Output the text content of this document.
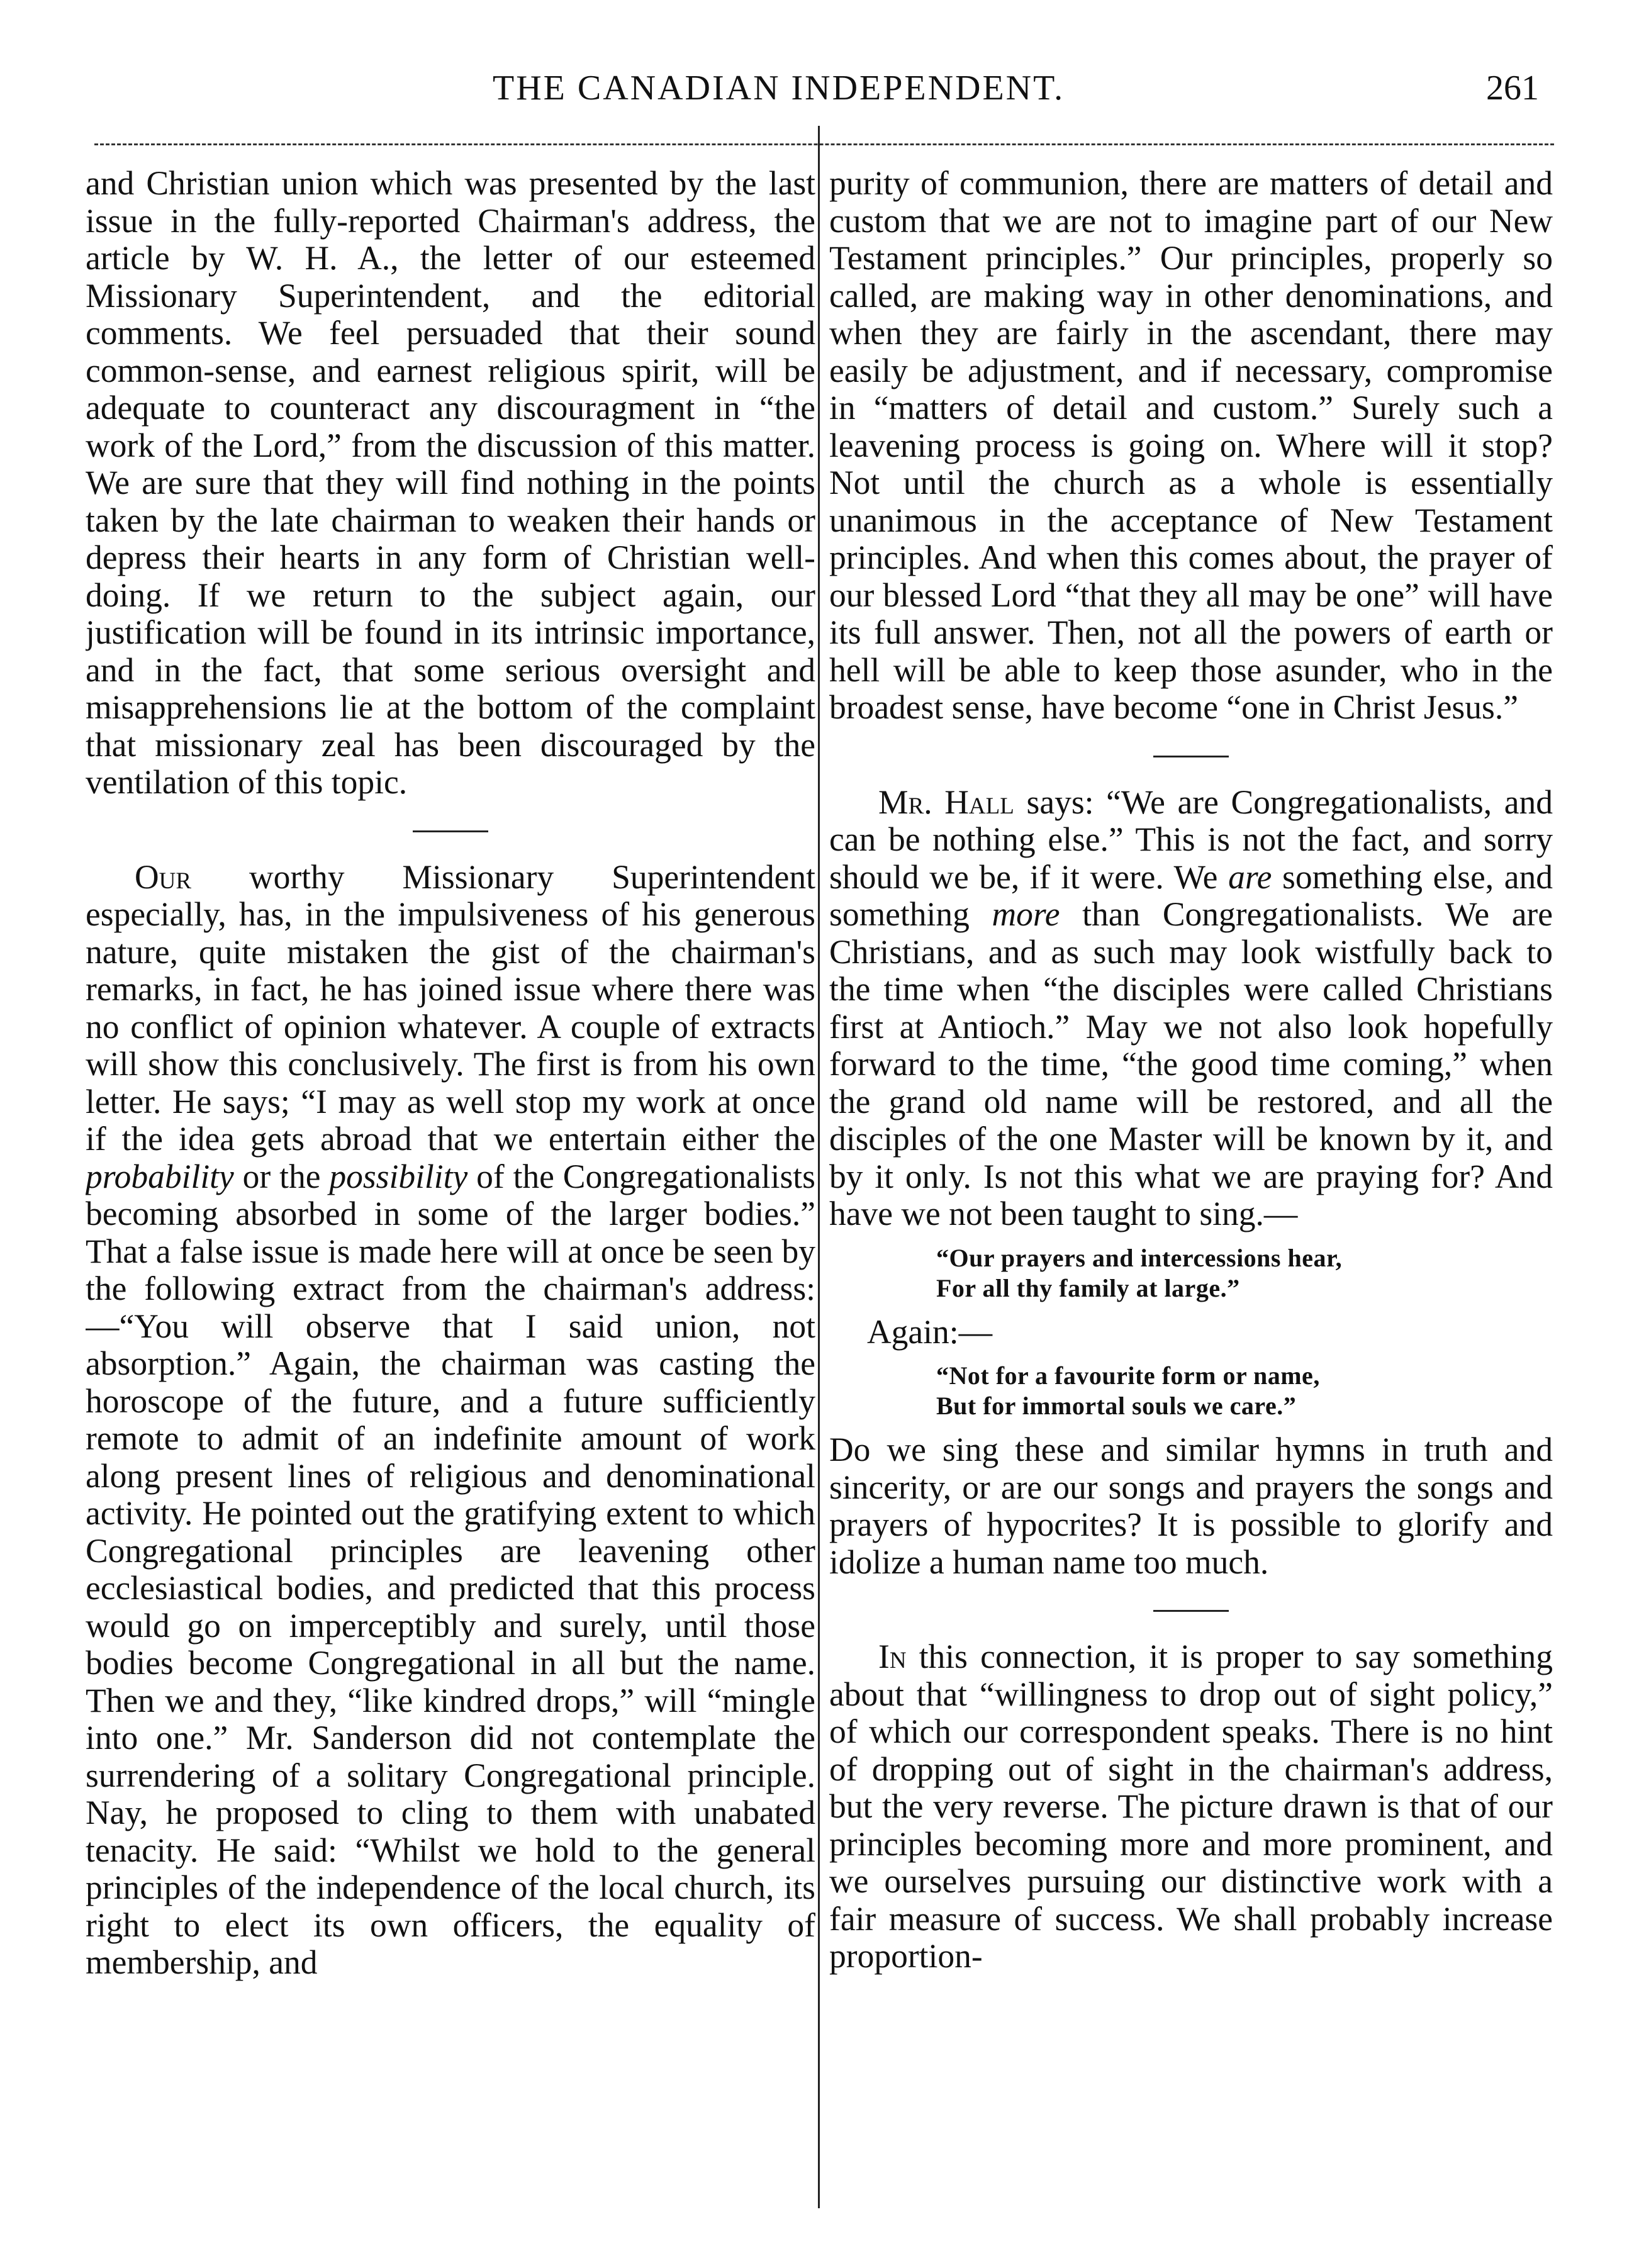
THE CANADIAN INDEPENDENT.	261

and Christian union which was presented by the last issue in the fully-reported Chairman's address, the article by W. H. A., the letter of our esteemed Missionary Superintendent, and the editorial comments. We feel persuaded that their sound common-sense, and earnest religious spirit, will be adequate to counteract any discouragment in “the work of the Lord,” from the discussion of this matter. We are sure that they will find nothing in the points taken by the late chairman to weaken their hands or depress their hearts in any form of Christian well-doing. If we return to the subject again, our justification will be found in its intrinsic importance, and in the fact, that some serious oversight and misapprehensions lie at the bottom of the complaint that missionary zeal has been discouraged by the ventilation of this topic.

Our worthy Missionary Superintendent especially, has, in the impulsiveness of his generous nature, quite mistaken the gist of the chairman's remarks, in fact, he has joined issue where there was no conflict of opinion whatever. A couple of extracts will show this conclusively. The first is from his own letter. He says; “I may as well stop my work at once if the idea gets abroad that we entertain either the probability or the possibility of the Congregationalists becoming absorbed in some of the larger bodies.” That a false issue is made here will at once be seen by the following extract from the chairman's address:—“You will observe that I said union, not absorption.” Again, the chairman was casting the horoscope of the future, and a future sufficiently remote to admit of an indefinite amount of work along present lines of religious and denominational activity. He pointed out the gratifying extent to which Congregational principles are leavening other ecclesiastical bodies, and predicted that this process would go on imperceptibly and surely, until those bodies become Congregational in all but the name. Then we and they, “like kindred drops,” will “mingle into one.” Mr. Sanderson did not contemplate the surrendering of a solitary Congregational principle. Nay, he proposed to cling to them with unabated tenacity. He said: “Whilst we hold to the general principles of the independence of the local church, its right to elect its own officers, the equality of membership, and

purity of communion, there are matters of detail and custom that we are not to imagine part of our New Testament principles.” Our principles, properly so called, are making way in other denominations, and when they are fairly in the ascendant, there may easily be adjustment, and if necessary, compromise in “matters of detail and custom.” Surely such a leavening process is going on. Where will it stop? Not until the church as a whole is essentially unanimous in the acceptance of New Testament principles. And when this comes about, the prayer of our blessed Lord “that they all may be one” will have its full answer. Then, not all the powers of earth or hell will be able to keep those asunder, who in the broadest sense, have become “one in Christ Jesus.”

Mr. Hall says: “We are Congregationalists, and can be nothing else.” This is not the fact, and sorry should we be, if it were. We are something else, and something more than Congregationalists. We are Christians, and as such may look wistfully back to the time when “the disciples were called Christians first at Antioch.” May we not also look hopefully forward to the time, “the good time coming,” when the grand old name will be restored, and all the disciples of the one Master will be known by it, and by it only. Is not this what we are praying for? And have we not been taught to sing.—

“Our prayers and intercessions hear,
For all thy family at large.”

Again:—

“Not for a favourite form or name,
But for immortal souls we care.”

Do we sing these and similar hymns in truth and sincerity, or are our songs and prayers the songs and prayers of hypocrites? It is possible to glorify and idolize a human name too much.

In this connection, it is proper to say something about that “willingness to drop out of sight policy,” of which our correspondent speaks. There is no hint of dropping out of sight in the chairman's address, but the very reverse. The picture drawn is that of our principles becoming more and more prominent, and we ourselves pursuing our distinctive work with a fair measure of success. We shall probably increase proportion-
